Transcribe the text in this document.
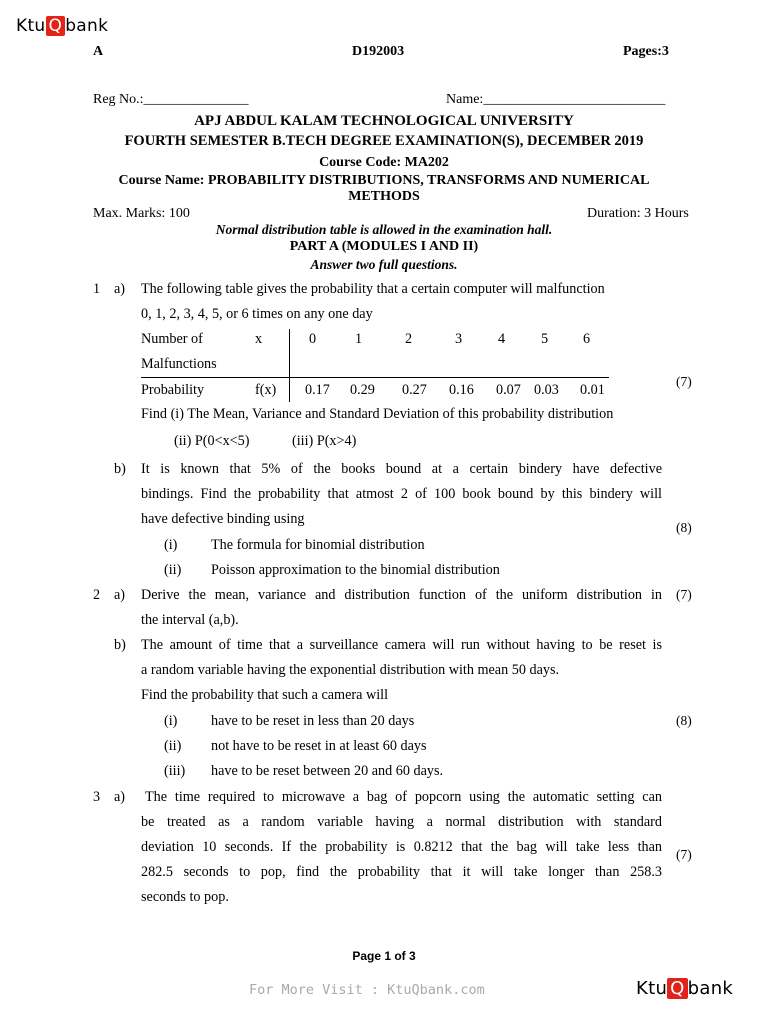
Ktu Q bank
A	D192003	Pages:3
Reg No.:_______________	Name:__________________________
APJ ABDUL KALAM TECHNOLOGICAL UNIVERSITY
FOURTH SEMESTER B.TECH DEGREE EXAMINATION(S), DECEMBER 2019
Course Code: MA202
Course Name: PROBABILITY DISTRIBUTIONS, TRANSFORMS AND NUMERICAL
METHODS
Max. Marks: 100	Duration: 3 Hours
Normal distribution table is allowed in the examination hall.
PART A (MODULES I AND II)
Answer two full questions.
1 a) The following table gives the probability that a certain computer will malfunction
0, 1, 2, 3, 4, 5, or 6 times on any one day
Number of
Malfunctions
x	0	1	2	3	4	5 6
Probability	f(x) 0.17 0.29 0.27 0.16 0.07 0.03 0.01
(7)
Find (i) The Mean, Variance and Standard Deviation of this probability distribution
(ii) P(0<x<5)	(iii) P(x>4)
b) It is known that 5% of the books bound at a certain bindery have defective
bindings. Find the probability that atmost 2 of 100 book bound by this bindery will
have defective binding using
(8)
(i) The formula for binomial distribution
(ii) Poisson approximation to the binomial distribution
2 a) Derive the mean, variance and distribution function of the uniform distribution in (7)
the interval (a,b).
b) The amount of time that a surveillance camera will run without having to be reset is
a random variable having the exponential distribution with mean 50 days.
Find the probability that such a camera will
(i) have to be reset in less than 20 days	(8)
(ii) not have to be reset in at least 60 days
(iii) have to be reset between 20 and 60 days.
3 a) The time required to microwave a bag of popcorn using the automatic setting can
be treated as a random variable having a normal distribution with standard
deviation 10 seconds. If the probability is 0.8212 that the bag will take less than (7)
282.5 seconds to pop, find the probability that it will take longer than 258.3
seconds to pop.
Page 1 of 3
For More Visit : KtuQbank.com	Ktu Q bank
